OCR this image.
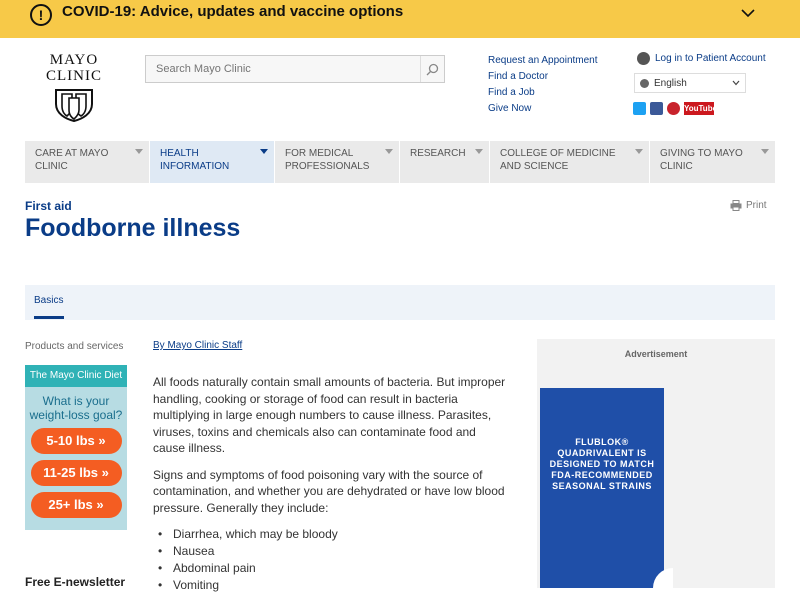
!	COVID-19: Advice, updates and vaccine options
MAYO
CLINIC
Search Mayo Clinic
Request an Appointment
Find a Doctor
Find a Job
Give Now
Log in to Patient Account
English
YouTube
CARE AT MAYO CLINIC
HEALTH INFORMATION
FOR MEDICAL PROFESSIONALS
RESEARCH	COLLEGE OF MEDICINE AND SCIENCE
GIVING TO MAYO CLINIC
First aid
Foodborne illness
Print
Basics
Products and services
The Mayo Clinic Diet
What is your weight-loss goal?
5-10 lbs »
11-25 lbs »
25+ lbs »
Free E-newsletter
By Mayo Clinic Staff

All foods naturally contain small amounts of bacteria. But improper handling, cooking or storage of food can result in bacteria multiplying in large enough numbers to cause illness. Parasites, viruses, toxins and chemicals also can contaminate food and cause illness.

Signs and symptoms of food poisoning vary with the source of contamination, and whether you are dehydrated or have low blood pressure. Generally they include:

• Diarrhea, which may be bloody
• Nausea
• Abdominal pain
• Vomiting
Advertisement
FLUBLOK® QUADRIVALENT IS DESIGNED TO MATCH FDA-RECOMMENDED SEASONAL STRAINS
